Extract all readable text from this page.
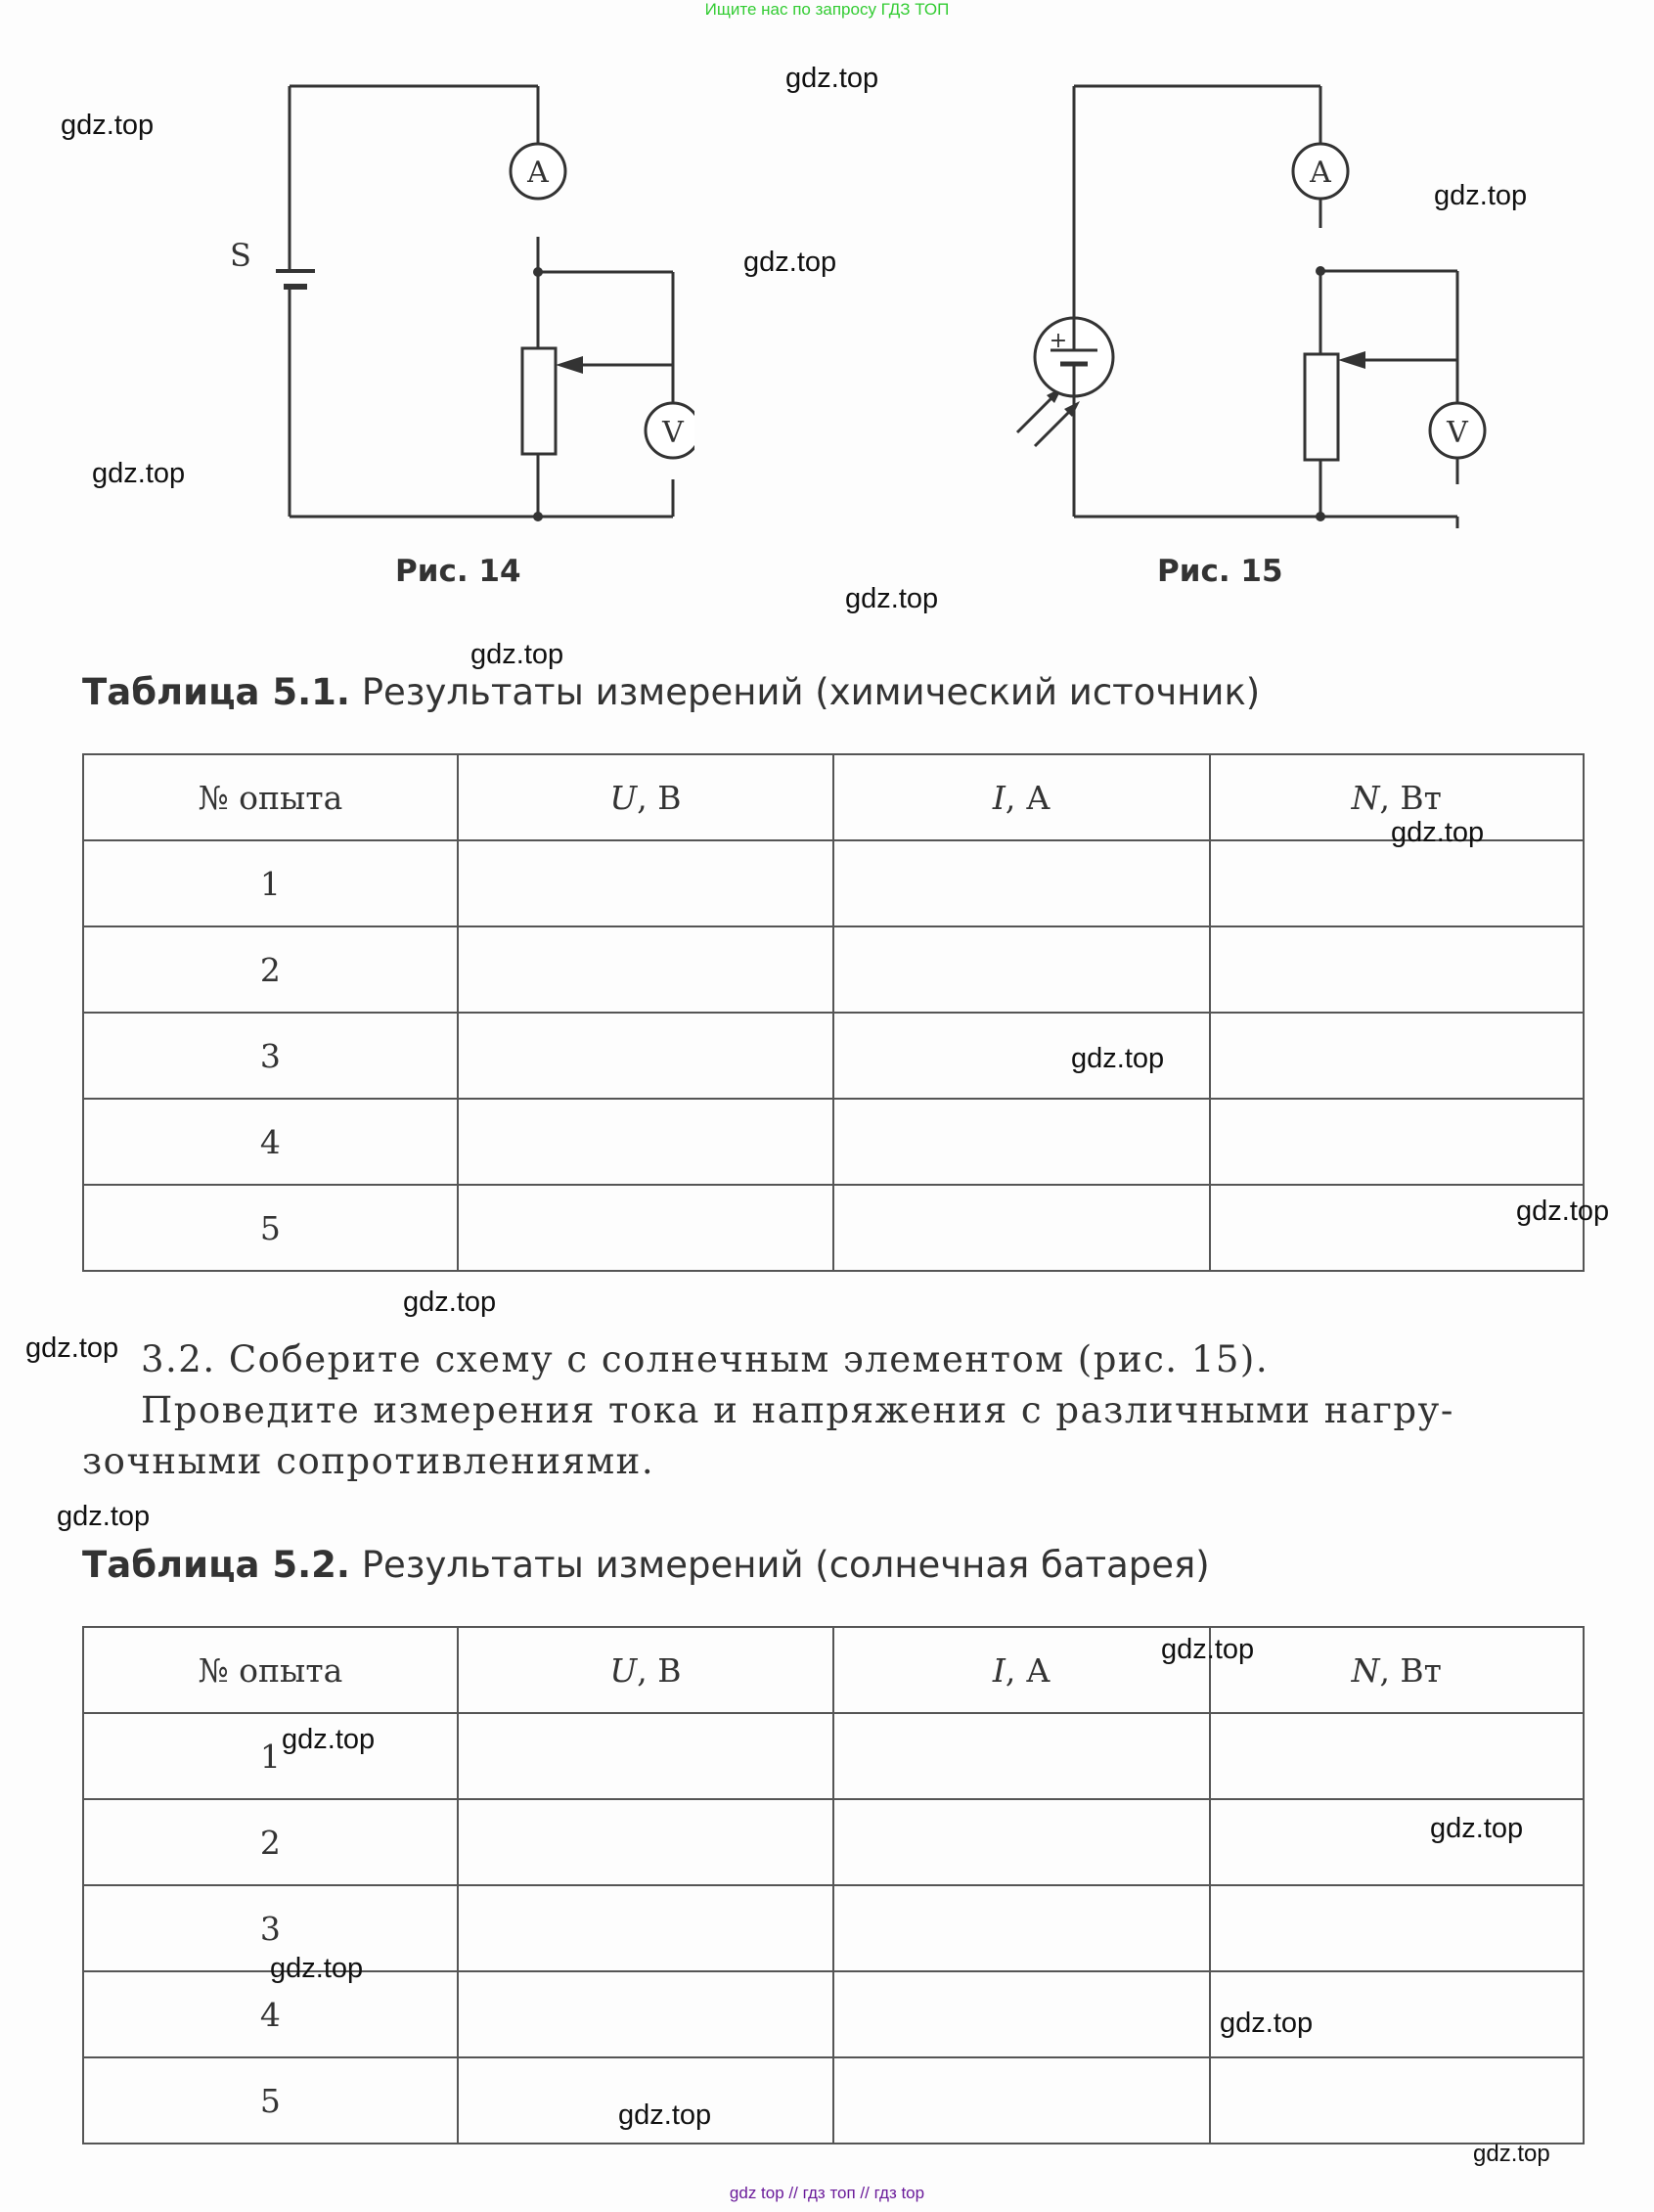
Ищите нас по запросу ГДЗ ТОП
gdz top // гдз топ // гдз top
A
V
S
Рис. 14
+
A
V
Рис. 15
Таблица 5.1. Результаты измерений (химический источник)
№ опыта	U, В	I, А	N, Вт
1			
2			
3			
4			
5			
3.2. Соберите схему с солнечным элементом (рис. 15).
Проведите измерения тока и напряжения с различными нагру-
зочными сопротивлениями.
Таблица 5.2. Результаты измерений (солнечная батарея)
№ опыта	U, В	I, А	N, Вт
1			
2			
3			
4			
5			
gdz.top
gdz.top
gdz.top
gdz.top
gdz.top
gdz.top
gdz.top
gdz.top
gdz.top
gdz.top
gdz.top
gdz.top
gdz.top
gdz.top
gdz.top
gdz.top
gdz.top
gdz.top
gdz.top
gdz.top
